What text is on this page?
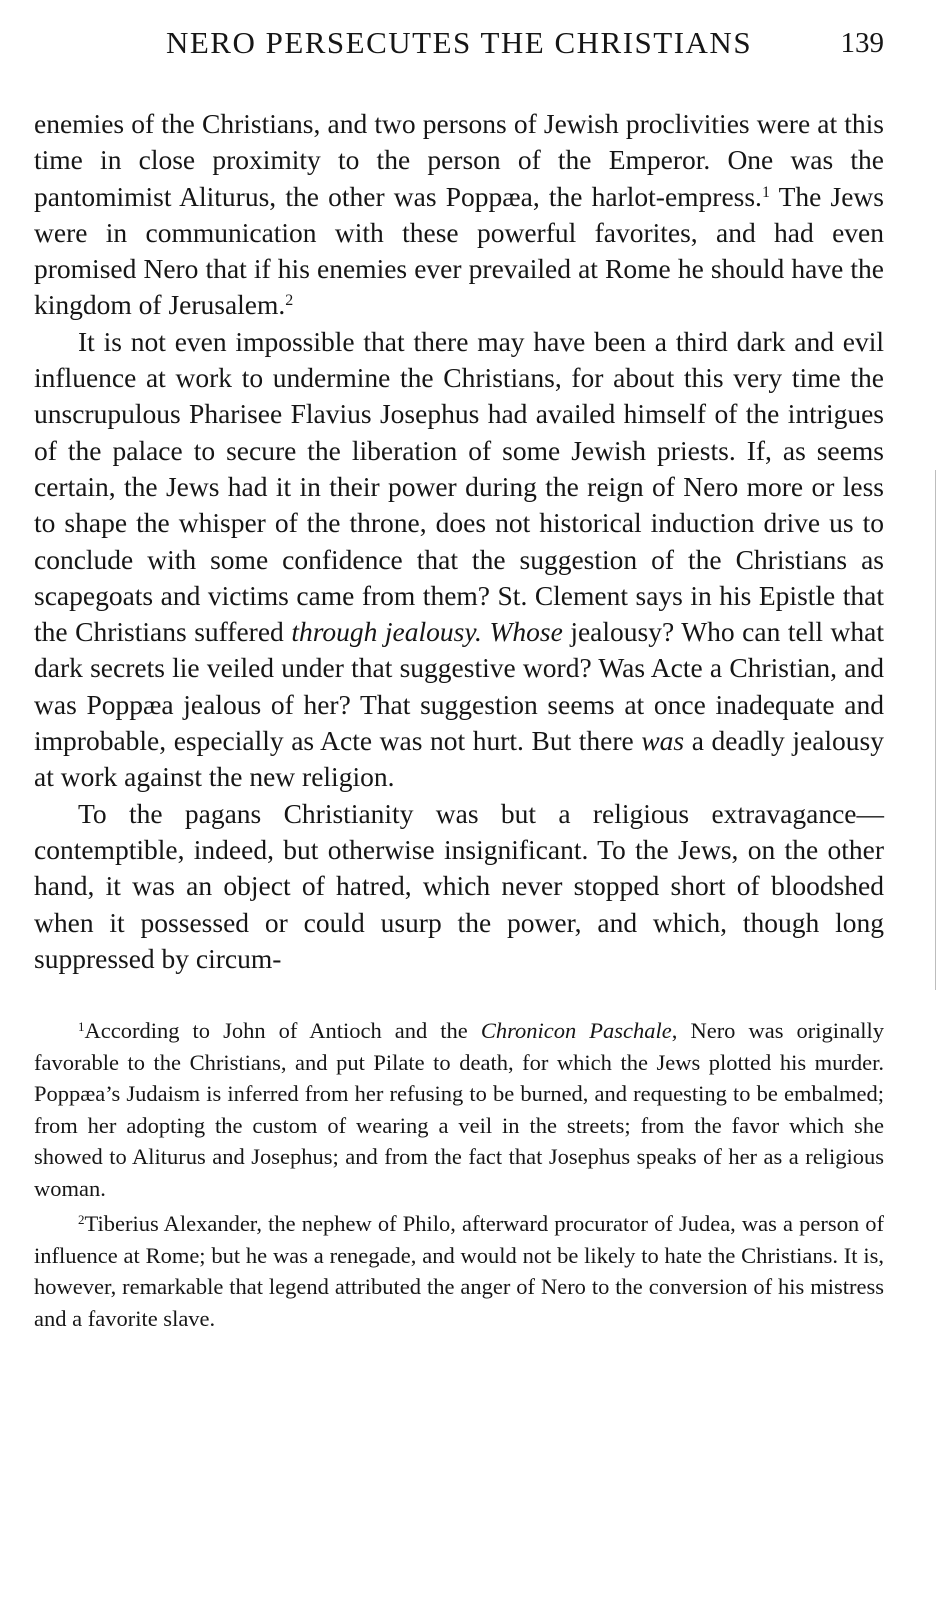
NERO PERSECUTES THE CHRISTIANS	139

enemies of the Christians, and two persons of Jewish proclivities were at this time in close proximity to the person of the Emperor. One was the pantomimist Aliturus, the other was Poppæa, the harlot-empress.$^1$ The Jews were in communication with these powerful favorites, and had even promised Nero that if his enemies ever prevailed at Rome he should have the kingdom of Jerusalem.$^2$

It is not even impossible that there may have been a third dark and evil influence at work to undermine the Christians, for about this very time the unscrupulous Pharisee Flavius Josephus had availed himself of the intrigues of the palace to secure the liberation of some Jewish priests. If, as seems certain, the Jews had it in their power during the reign of Nero more or less to shape the whisper of the throne, does not historical induction drive us to conclude with some confidence that the suggestion of the Christians as scapegoats and victims came from them? St. Clement says in his Epistle that the Christians suffered through jealousy. Whose jealousy? Who can tell what dark secrets lie veiled under that suggestive word? Was Acte a Christian, and was Poppæa jealous of her? That suggestion seems at once inadequate and improbable, especially as Acte was not hurt. But there was a deadly jealousy at work against the new religion.

To the pagans Christianity was but a religious extravagance—contemptible, indeed, but otherwise insignificant. To the Jews, on the other hand, it was an object of hatred, which never stopped short of bloodshed when it possessed or could usurp the power, and which, though long suppressed by circum-

$^1$According to John of Antioch and the Chronicon Paschale, Nero was originally favorable to the Christians, and put Pilate to death, for which the Jews plotted his murder. Poppæa’s Judaism is inferred from her refusing to be burned, and requesting to be embalmed; from her adopting the custom of wearing a veil in the streets; from the favor which she showed to Aliturus and Josephus; and from the fact that Josephus speaks of her as a religious woman.

$^2$Tiberius Alexander, the nephew of Philo, afterward procurator of Judea, was a person of influence at Rome; but he was a renegade, and would not be likely to hate the Christians. It is, however, remarkable that legend attributed the anger of Nero to the conversion of his mistress and a favorite slave.
